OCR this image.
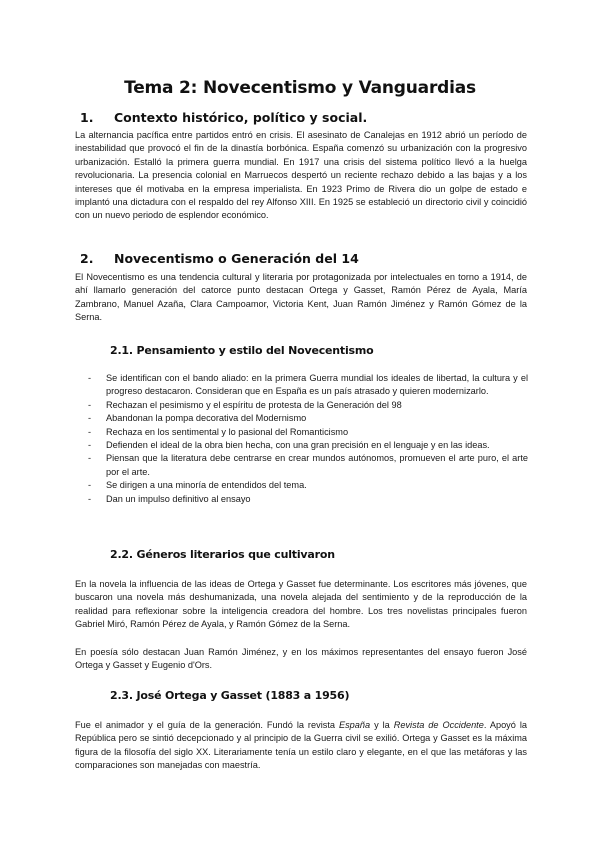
Tema 2: Novecentismo y Vanguardias
1. Contexto histórico, político y social.

La alternancia pacífica entre partidos entró en crisis. El asesinato de Canalejas en 1912 abrió un período de inestabilidad que provocó el fin de la dinastía borbónica. España comenzó su urbanización con la progresivo urbanización. Estalló la primera guerra mundial. En 1917 una crisis del sistema político llevó a la huelga revolucionaria. La presencia colonial en Marruecos despertó un reciente rechazo debido a las bajas y a los intereses que él motivaba en la empresa imperialista. En 1923 Primo de Rivera dio un golpe de estado e implantó una dictadura con el respaldo del rey Alfonso XIII. En 1925 se estableció un directorio civil y coincidió con un nuevo periodo de esplendor económico.

2. Novecentismo o Generación del 14

El Novecentismo es una tendencia cultural y literaria por protagonizada por intelectuales en torno a 1914, de ahí llamarlo generación del catorce punto destacan Ortega y Gasset, Ramón Pérez de Ayala, María Zambrano, Manuel Azaña, Clara Campoamor, Victoria Kent, Juan Ramón Jiménez y Ramón Gómez de la Serna.

2.1. Pensamiento y estilo del Novecentismo
- Se identifican con el bando aliado: en la primera Guerra mundial los ideales de libertad, la cultura y el progreso destacaron. Consideran que en España es un país atrasado y quieren modernizarlo.
- Rechazan el pesimismo y el espíritu de protesta de la Generación del 98
- Abandonan la pompa decorativa del Modernismo
- Rechaza en los sentimental y lo pasional del Romanticismo
- Defienden el ideal de la obra bien hecha, con una gran precisión en el lenguaje y en las ideas.
- Piensan que la literatura debe centrarse en crear mundos autónomos, promueven el arte puro, el arte por el arte.
- Se dirigen a una minoría de entendidos del tema.
- Dan un impulso definitivo al ensayo
2.2. Géneros literarios que cultivaron

En la novela la influencia de las ideas de Ortega y Gasset fue determinante. Los escritores más jóvenes, que buscaron una novela más deshumanizada, una novela alejada del sentimiento y de la reproducción de la realidad para reflexionar sobre la inteligencia creadora del hombre. Los tres novelistas principales fueron Gabriel Miró, Ramón Pérez de Ayala, y Ramón Gómez de la Serna.

En poesía sólo destacan Juan Ramón Jiménez, y en los máximos representantes del ensayo fueron José Ortega y Gasset y Eugenio d'Ors.

2.3. José Ortega y Gasset (1883 a 1956)

Fue el animador y el guía de la generación. Fundó la revista España y la Revista de Occidente. Apoyó la República pero se sintió decepcionado y al principio de la Guerra civil se exilió. Ortega y Gasset es la máxima figura de la filosofía del siglo XX. Literariamente tenía un estilo claro y elegante, en el que las metáforas y las comparaciones son manejadas con maestría.
